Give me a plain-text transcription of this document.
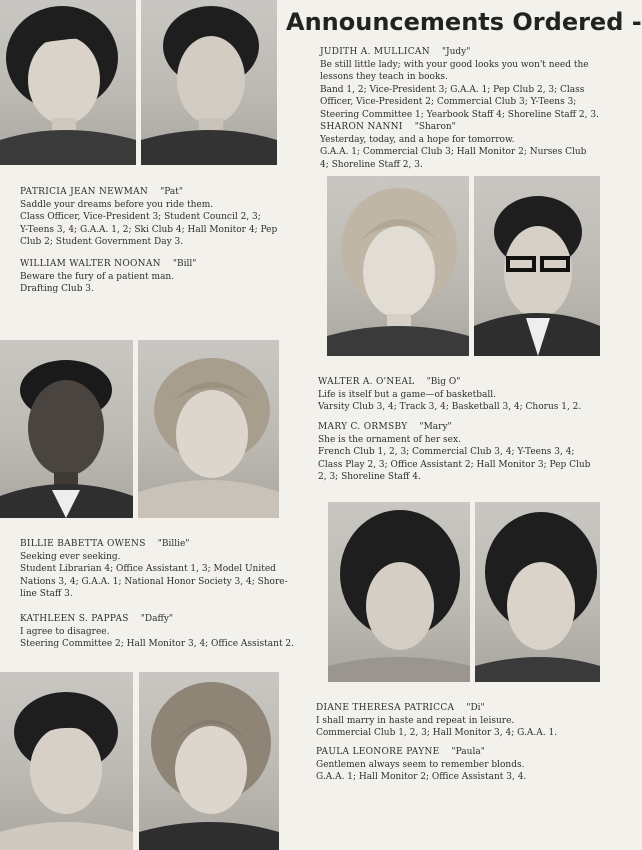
Announcements Ordered -

JUDITH A. MULLICAN "Judy"

Be still little lady; with your good looks you won't need the

lessons they teach in books.

Band 1, 2; Vice-President 3; G.A.A. 1; Pep Club 2, 3; Class

Officer, Vice-President 2; Commercial Club 3; Y-Teens 3;

Steering Committee 1; Yearbook Staff 4; Shoreline Staff 2, 3.

SHARON NANNI "Sharon"

Yesterday, today, and a hope for tomorrow.

G.A.A. 1; Commercial Club 3; Hall Monitor 2; Nurses Club

4; Shoreline Staff 2, 3.

PATRICIA JEAN NEWMAN "Pat"

Saddle your dreams before you ride them.

Class Officer, Vice-President 3; Student Council 2, 3;

Y-Teens 3, 4; G.A.A. 1, 2; Ski Club 4; Hall Monitor 4; Pep

Club 2; Student Government Day 3.

WILLIAM WALTER NOONAN "Bill"

Beware the fury of a patient man.

Drafting Club 3.

WALTER A. O'NEAL "Big O"

Life is itself but a game—of basketball.

Varsity Club 3, 4; Track 3, 4; Basketball 3, 4; Chorus 1, 2.

MARY C. ORMSBY "Mary"

She is the ornament of her sex.

French Club 1, 2, 3; Commercial Club 3, 4; Y-Teens 3, 4;

Class Play 2, 3; Office Assistant 2; Hall Monitor 3; Pep Club

2, 3; Shoreline Staff 4.

BILLIE BABETTA OWENS "Billie"

Seeking ever seeking.

Student Librarian 4; Office Assistant 1, 3; Model United

Nations 3, 4; G.A.A. 1; National Honor Society 3, 4; Shore-

line Staff 3.

KATHLEEN S. PAPPAS "Daffy"

I agree to disagree.

Steering Committee 2; Hall Monitor 3, 4; Office Assistant 2.

DIANE THERESA PATRICCA "Di"

I shall marry in haste and repeat in leisure.

Commercial Club 1, 2, 3; Hall Monitor 3, 4; G.A.A. 1.

PAULA LEONORE PAYNE "Paula"

Gentlemen always seem to remember blonds.

G.A.A. 1; Hall Monitor 2; Office Assistant 3, 4.
